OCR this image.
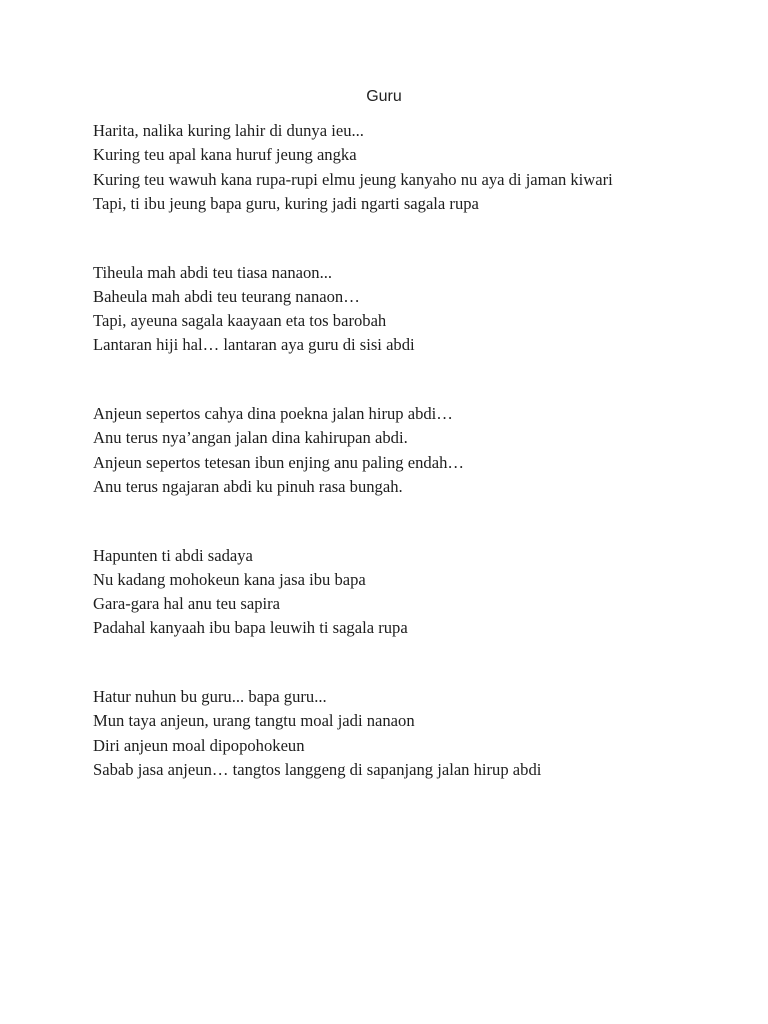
Guru
Harita, nalika kuring lahir di dunya ieu...
Kuring teu apal kana huruf jeung angka
Kuring teu wawuh kana rupa-rupi elmu jeung kanyaho nu aya di jaman kiwari
Tapi, ti ibu jeung bapa guru, kuring jadi ngarti sagala rupa
Tiheula mah abdi teu tiasa nanaon...
Baheula mah abdi teu teurang nanaon…
Tapi, ayeuna sagala kaayaan eta tos barobah
Lantaran hiji hal… lantaran aya guru di sisi abdi
Anjeun sepertos cahya dina poekna jalan hirup abdi…
Anu terus nya’angan jalan dina kahirupan abdi.
Anjeun sepertos tetesan ibun enjing anu paling endah…
Anu terus ngajaran abdi ku pinuh rasa bungah.
Hapunten ti abdi sadaya
Nu kadang mohokeun kana jasa ibu bapa
Gara-gara hal anu teu sapira
Padahal kanyaah ibu bapa leuwih ti sagala rupa
Hatur nuhun bu guru... bapa guru...
Mun taya anjeun, urang tangtu moal jadi nanaon
Diri anjeun moal dipopohokeun
Sabab jasa anjeun… tangtos langgeng di sapanjang jalan hirup abdi
